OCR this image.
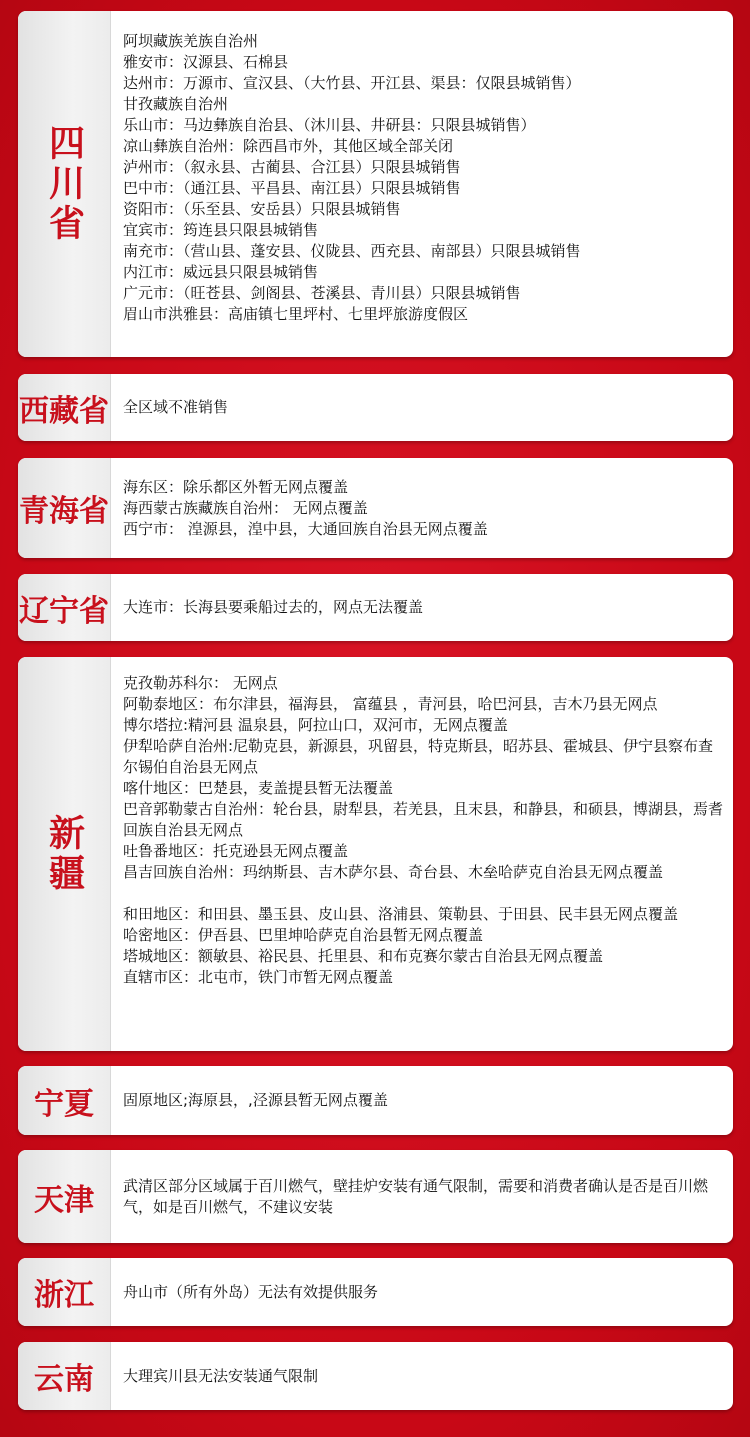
四川省
阿坝藏族羌族自治州
雅安市：汉源县、石棉县
达州市：万源市、宣汉县、（大竹县、开江县、渠县：仅限县城销售）
甘孜藏族自治州
乐山市：马边彝族自治县、（沐川县、井研县：只限县城销售）
凉山彝族自治州：除西昌市外，其他区域全部关闭
泸州市：（叙永县、古蔺县、合江县）只限县城销售
巴中市：（通江县、平昌县、南江县）只限县城销售
资阳市：（乐至县、安岳县）只限县城销售
宜宾市：筠连县只限县城销售
南充市：（营山县、蓬安县、仪陇县、西充县、南部县）只限县城销售
内江市：威远县只限县城销售
广元市：（旺苍县、剑阁县、苍溪县、青川县）只限县城销售
眉山市洪雅县：高庙镇七里坪村、七里坪旅游度假区
西藏省 全区域不准销售
青海省
海东区：除乐都区外暂无网点覆盖
海西蒙古族藏族自治州： 无网点覆盖
西宁市： 湟源县，湟中县，大通回族自治县无网点覆盖
辽宁省 大连市：长海县要乘船过去的，网点无法覆盖
新疆
克孜勒苏科尔： 无网点
阿勒泰地区：布尔津县，福海县， 富蕴县 ，青河县，哈巴河县，吉木乃县无网点
博尔塔拉:精河县 温泉县，阿拉山口，双河市，无网点覆盖
伊犁哈萨自治州:尼勒克县，新源县，巩留县，特克斯县，昭苏县、霍城县、伊宁县察布查尔锡伯自治县无网点
喀什地区：巴楚县，麦盖提县暂无法覆盖
巴音郭勒蒙古自治州：轮台县，尉犁县，若羌县，且末县，和静县，和硕县，博湖县，焉耆回族自治县无网点
吐鲁番地区：托克逊县无网点覆盖
昌吉回族自治州：玛纳斯县、吉木萨尔县、奇台县、木垒哈萨克自治县无网点覆盖
和田地区：和田县、墨玉县、皮山县、洛浦县、策勒县、于田县、民丰县无网点覆盖
哈密地区：伊吾县、巴里坤哈萨克自治县暂无网点覆盖
塔城地区：额敏县、裕民县、托里县、和布克赛尔蒙古自治县无网点覆盖
直辖市区：北屯市，铁门市暂无网点覆盖
宁夏	固原地区;海原县，,泾源县暂无网点覆盖
天津	武清区部分区域属于百川燃气，壁挂炉安装有通气限制，需要和消费者确认是否是百川燃气，如是百川燃气，不建议安装
浙江	舟山市（所有外岛）无法有效提供服务
云南	大理宾川县无法安装通气限制
